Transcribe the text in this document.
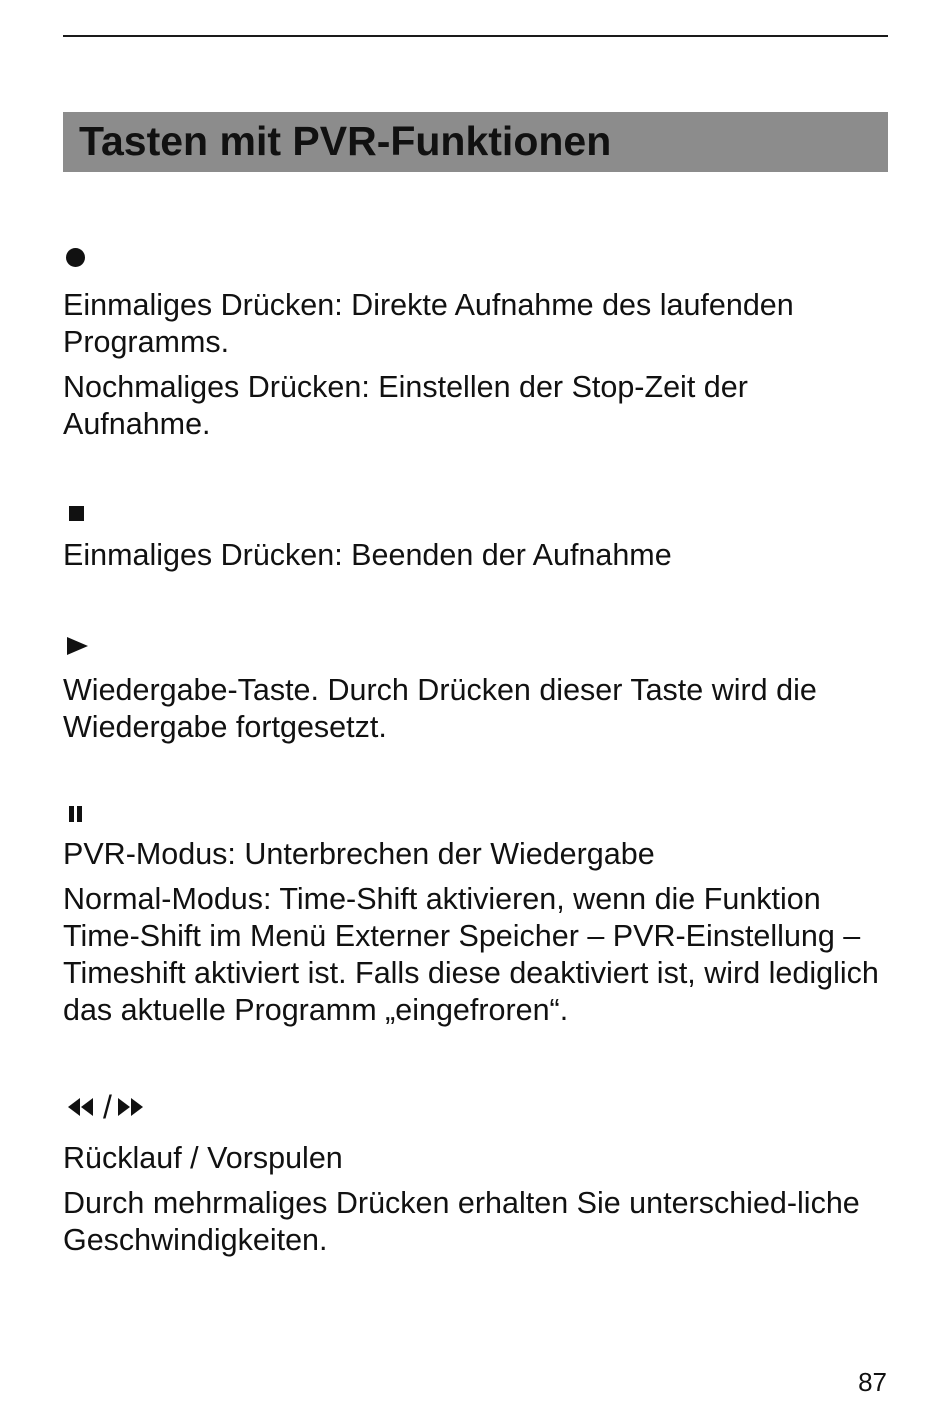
Tasten mit PVR-Funktionen

Einmaliges Drücken: Direkte Aufnahme des laufenden Programms.

Nochmaliges Drücken: Einstellen der Stop-Zeit der Aufnahme.

Einmaliges Drücken: Beenden der Aufnahme

Wiedergabe-Taste. Durch Drücken dieser Taste wird die Wiedergabe fortgesetzt.

PVR-Modus: Unterbrechen der Wiedergabe

Normal-Modus: Time-Shift aktivieren, wenn die Funktion Time-Shift im Menü Externer Speicher – PVR-Einstellung – Timeshift aktiviert ist. Falls diese deaktiviert ist, wird lediglich das aktuelle Programm „eingefroren“.

/

Rücklauf / Vorspulen

Durch mehrmaliges Drücken erhalten Sie unterschied-liche Geschwindigkeiten.

87
